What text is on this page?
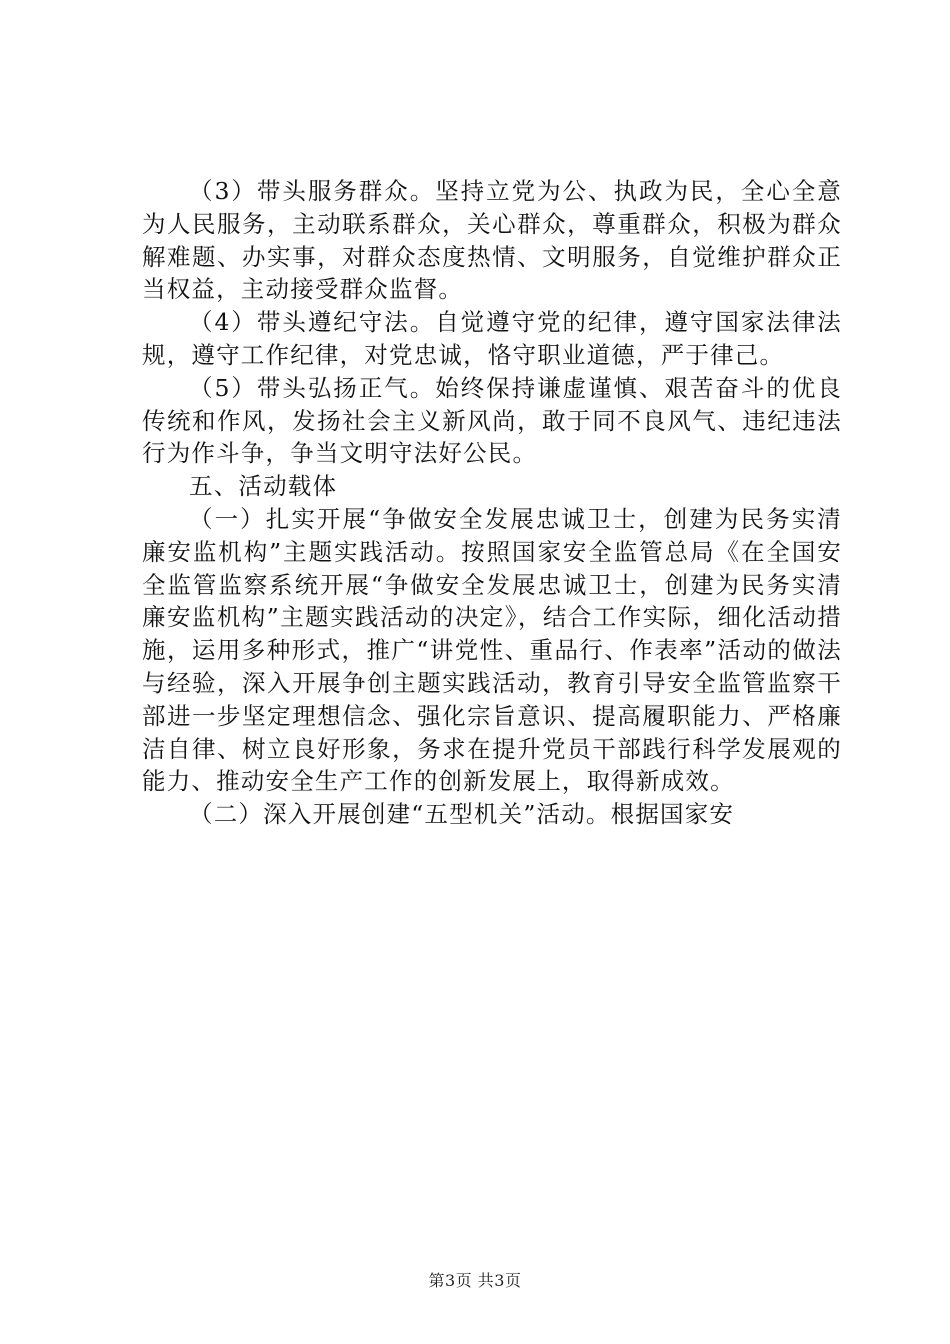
（3）带头服务群众。坚持立党为公、执政为民，全心全意为人民服务，主动联系群众，关心群众，尊重群众，积极为群众解难题、办实事，对群众态度热情、文明服务，自觉维护群众正当权益，主动接受群众监督。

（4）带头遵纪守法。自觉遵守党的纪律，遵守国家法律法规，遵守工作纪律，对党忠诚，恪守职业道德，严于律己。

（5）带头弘扬正气。始终保持谦虚谨慎、艰苦奋斗的优良传统和作风，发扬社会主义新风尚，敢于同不良风气、违纪违法行为作斗争，争当文明守法好公民。

五、活动载体

（一）扎实开展“争做安全发展忠诚卫士，创建为民务实清廉安监机构”主题实践活动。按照国家安全监管总局《在全国安全监管监察系统开展“争做安全发展忠诚卫士，创建为民务实清廉安监机构”主题实践活动的决定》，结合工作实际，细化活动措施，运用多种形式，推广“讲党性、重品行、作表率”活动的做法与经验，深入开展争创主题实践活动，教育引导安全监管监察干部进一步坚定理想信念、强化宗旨意识、提高履职能力、严格廉洁自律、树立良好形象，务求在提升党员干部践行科学发展观的能力、推动安全生产工作的创新发展上，取得新成效。

（二）深入开展创建“五型机关”活动。根据国家安

第3页 共3页
